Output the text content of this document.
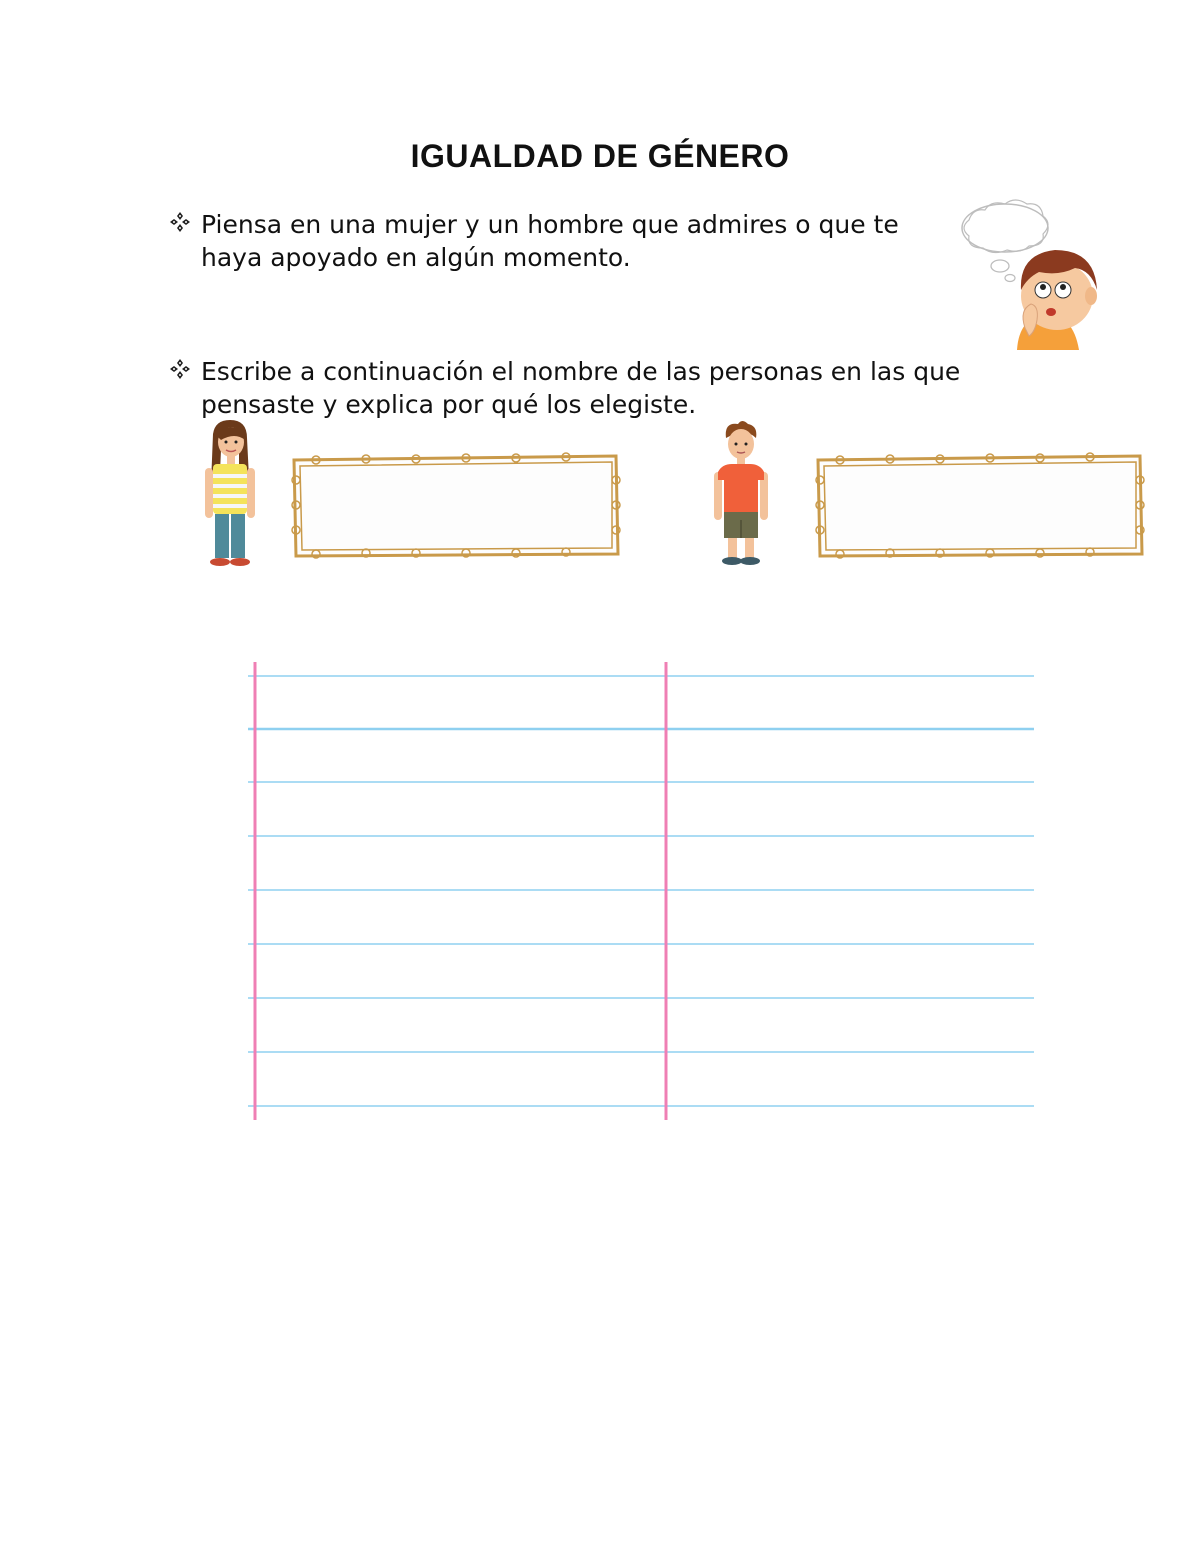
IGUALDAD DE GÉNERO
Piensa en una mujer y un hombre que admires o que te haya apoyado en algún momento.
Escribe a continuación el nombre de las personas en las que pensaste y explica por qué los elegiste.
